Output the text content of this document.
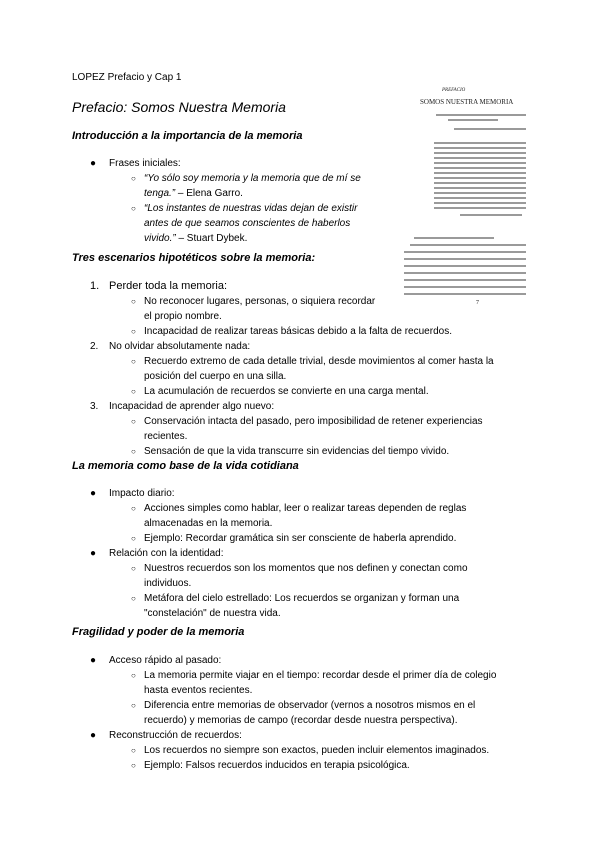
LOPEZ Prefacio y Cap 1
Prefacio: Somos Nuestra Memoria
PREFACIO
SOMOS NUESTRA MEMORIA
7
Introducción a la importancia de la memoria
● Frases iniciales:
○ “Yo sólo soy memoria y la memoria que de mí se
tenga.” – Elena Garro.
○ “Los instantes de nuestras vidas dejan de existir
antes de que seamos conscientes de haberlos
vivido.” – Stuart Dybek.
Tres escenarios hipotéticos sobre la memoria:
1. Perder toda la memoria:
○ No reconocer lugares, personas, o siquiera recordar
el propio nombre.
○ Incapacidad de realizar tareas básicas debido a la falta de recuerdos.
2. No olvidar absolutamente nada:
○ Recuerdo extremo de cada detalle trivial, desde movimientos al comer hasta la
posición del cuerpo en una silla.
○ La acumulación de recuerdos se convierte en una carga mental.
3. Incapacidad de aprender algo nuevo:
○ Conservación intacta del pasado, pero imposibilidad de retener experiencias
recientes.
○ Sensación de que la vida transcurre sin evidencias del tiempo vivido.
La memoria como base de la vida cotidiana
● Impacto diario:
○ Acciones simples como hablar, leer o realizar tareas dependen de reglas
almacenadas en la memoria.
○ Ejemplo: Recordar gramática sin ser consciente de haberla aprendido.
● Relación con la identidad:
○ Nuestros recuerdos son los momentos que nos definen y conectan como
individuos.
○ Metáfora del cielo estrellado: Los recuerdos se organizan y forman una
"constelación" de nuestra vida.
Fragilidad y poder de la memoria
● Acceso rápido al pasado:
○ La memoria permite viajar en el tiempo: recordar desde el primer día de colegio
hasta eventos recientes.
○ Diferencia entre memorias de observador (vernos a nosotros mismos en el
recuerdo) y memorias de campo (recordar desde nuestra perspectiva).
● Reconstrucción de recuerdos:
○ Los recuerdos no siempre son exactos, pueden incluir elementos imaginados.
○ Ejemplo: Falsos recuerdos inducidos en terapia psicológica.
